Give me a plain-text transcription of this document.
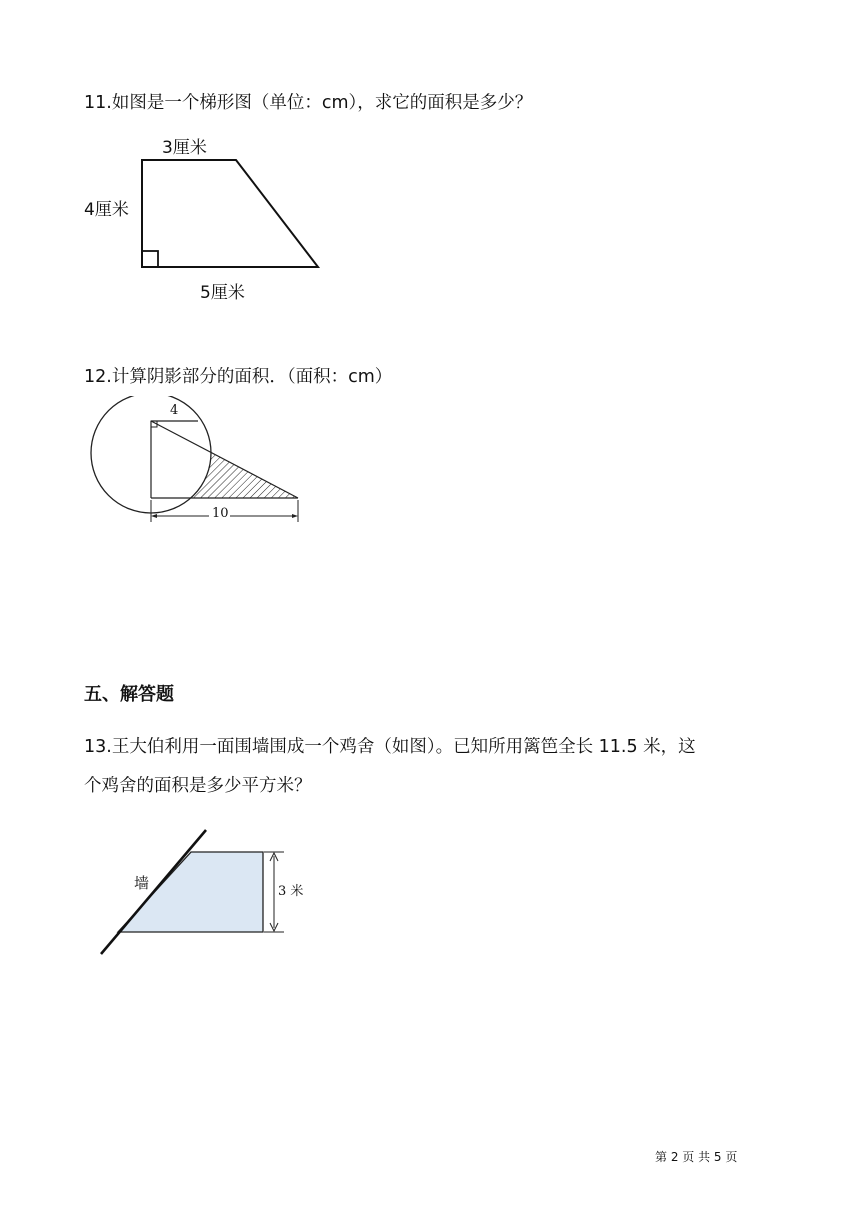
11.如图是一个梯形图（单位：cm），求它的面积是多少？
3厘米
4厘米
5厘米
12.计算阴影部分的面积．（面积：cm）
4
10
五、解答题
13.王大伯利用一面围墙围成一个鸡舍（如图）。已知所用篱笆全长 11.5 米，这
个鸡舍的面积是多少平方米？
墙	3 米
第 2 页 共 5 页
